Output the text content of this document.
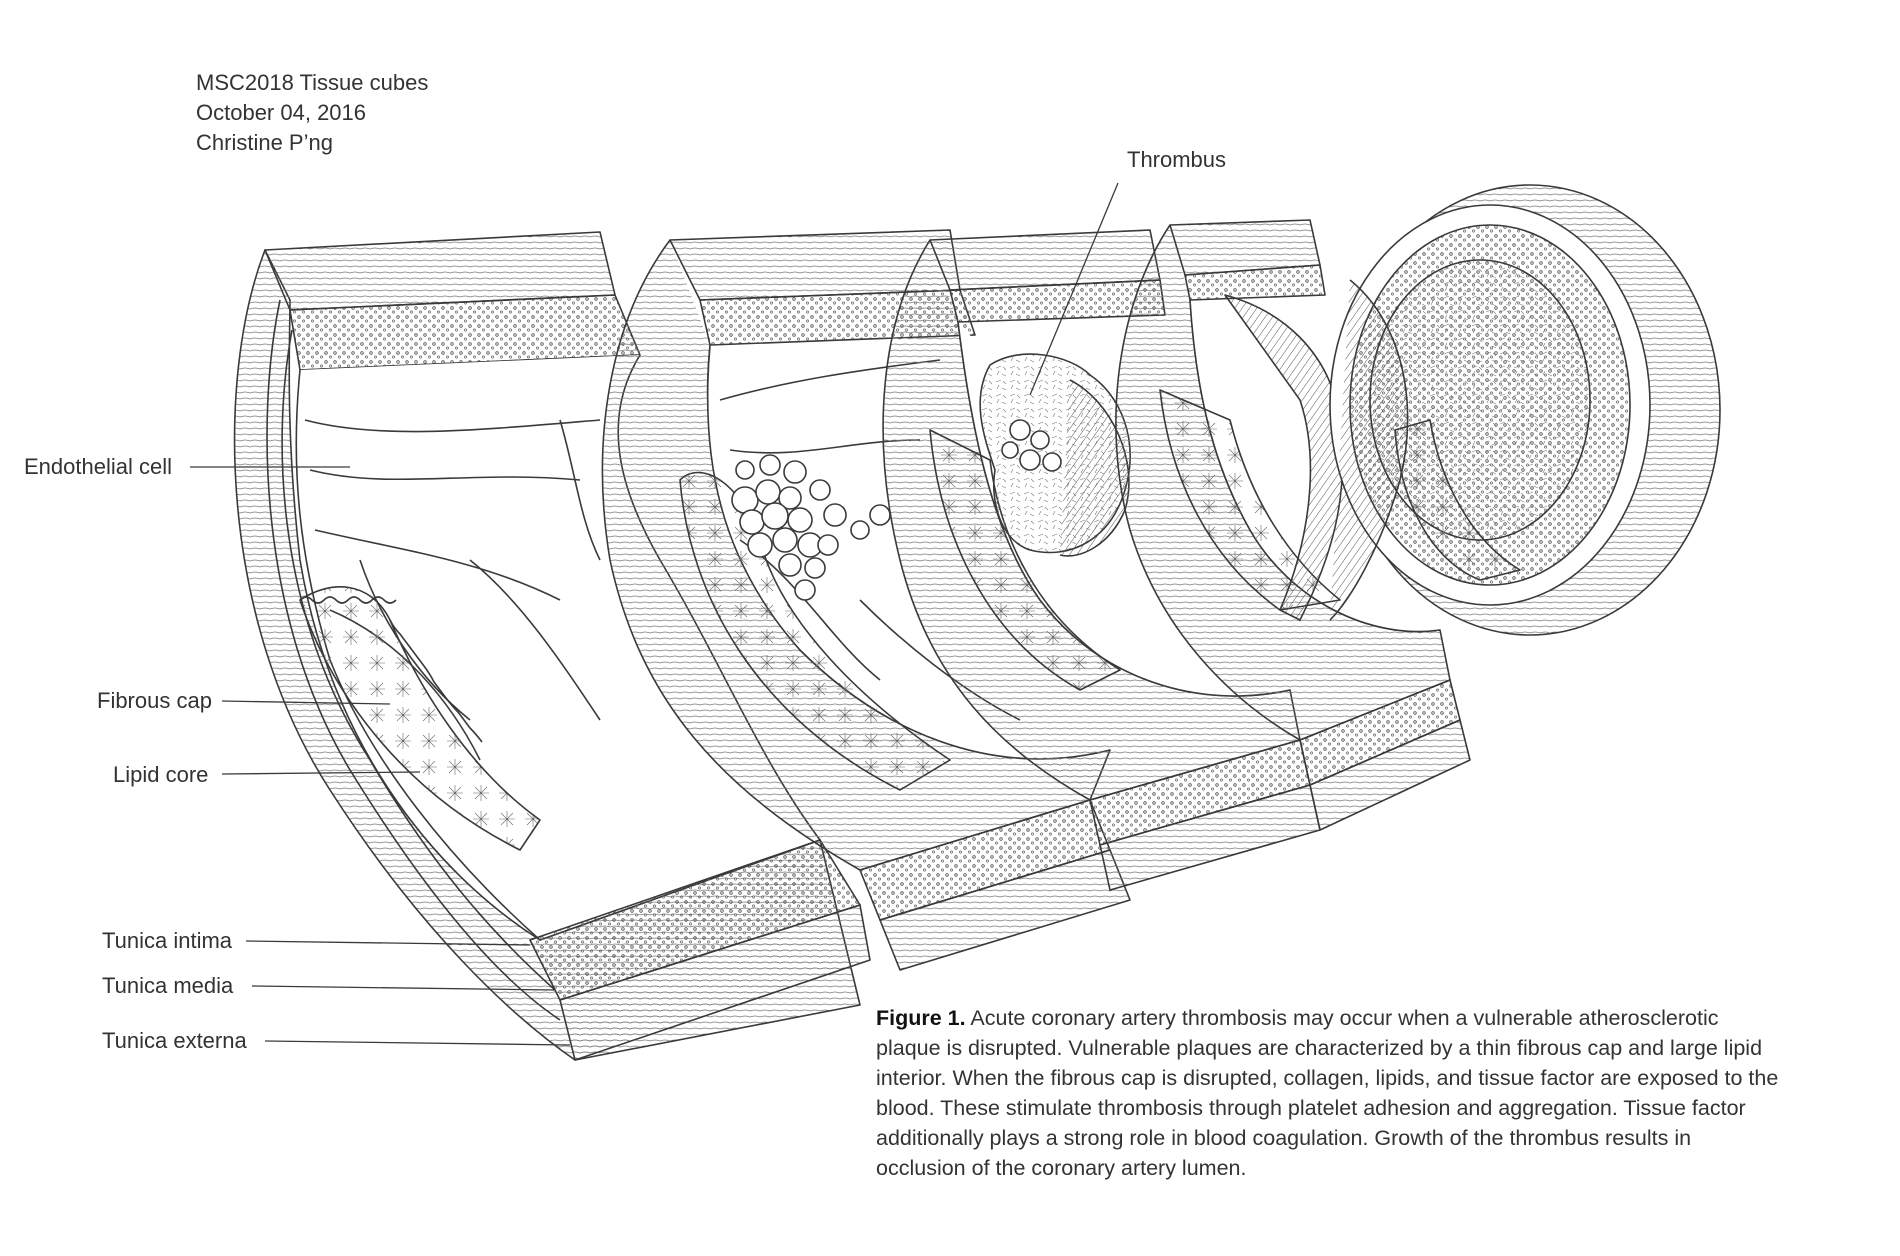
MSC2018 Tissue cubes
October 04, 2016
Christine P’ng
Thrombus
Endothelial cell
Fibrous cap
Lipid core
Tunica intima
Tunica media
Tunica externa
Figure 1. Acute coronary artery thrombosis may occur when a vulnerable atherosclerotic plaque is disrupted. Vulnerable plaques are characterized by a thin fibrous cap and large lipid interior. When the fibrous cap is disrupted, collagen, lipids, and tissue factor are exposed to the blood. These stimulate thrombosis through platelet adhesion and aggregation. Tissue factor additionally plays a strong role in blood coagulation. Growth of the thrombus results in occlusion of the coronary artery lumen.
